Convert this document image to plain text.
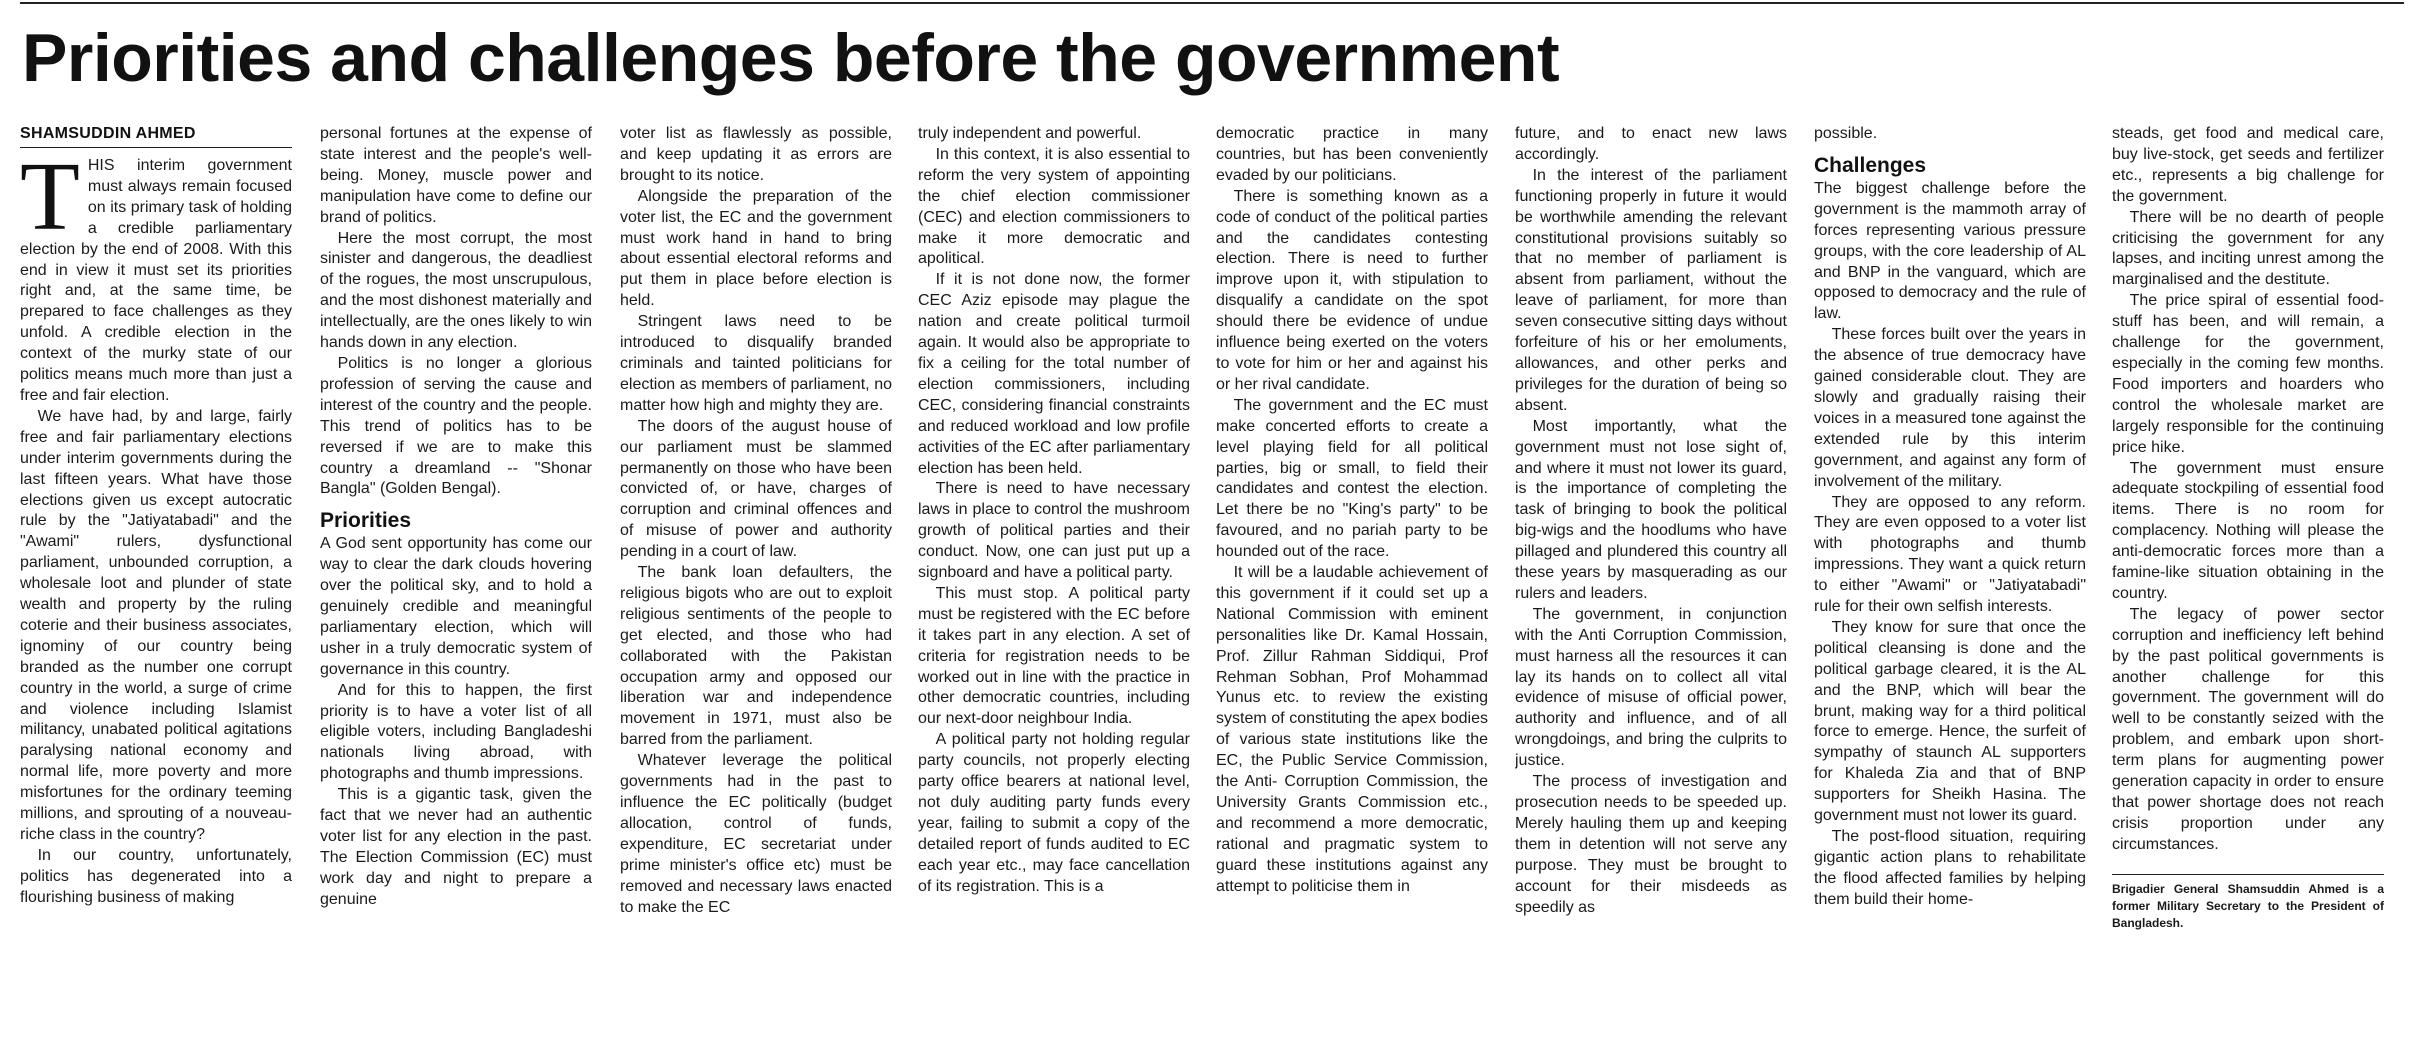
Priorities and challenges before the government
SHAMSUDDIN AHMED

THIS interim government must always remain focused on its primary task of holding a credible parliamentary election by the end of 2008. With this end in view it must set its priorities right and, at the same time, be prepared to face challenges as they unfold. A credible election in the context of the murky state of our politics means much more than just a free and fair election.

We have had, by and large, fairly free and fair parliamentary elections under interim governments during the last fifteen years. What have those elections given us except autocratic rule by the "Jatiyatabadi" and the "Awami" rulers, dysfunctional parliament, unbounded corruption, a wholesale loot and plunder of state wealth and property by the ruling coterie and their business associates, ignominy of our country being branded as the number one corrupt country in the world, a surge of crime and violence including Islamist militancy, unabated political agitations paralysing national economy and normal life, more poverty and more misfortunes for the ordinary teeming millions, and sprouting of a nouveau-riche class in the country?

In our country, unfortunately, politics has degenerated into a flourishing business of making

personal fortunes at the expense of state interest and the people's well-being. Money, muscle power and manipulation have come to define our brand of politics.

Here the most corrupt, the most sinister and dangerous, the deadliest of the rogues, the most unscrupulous, and the most dishonest materially and intellectually, are the ones likely to win hands down in any election.

Politics is no longer a glorious profession of serving the cause and interest of the country and the people. This trend of politics has to be reversed if we are to make this country a dreamland -- "Shonar Bangla" (Golden Bengal).

Priorities

A God sent opportunity has come our way to clear the dark clouds hovering over the political sky, and to hold a genuinely credible and meaningful parliamentary election, which will usher in a truly democratic system of governance in this country.

And for this to happen, the first priority is to have a voter list of all eligible voters, including Bangladeshi nationals living abroad, with photographs and thumb impressions.

This is a gigantic task, given the fact that we never had an authentic voter list for any election in the past. The Election Commission (EC) must work day and night to prepare a genuine

voter list as flawlessly as possible, and keep updating it as errors are brought to its notice.

Alongside the preparation of the voter list, the EC and the government must work hand in hand to bring about essential electoral reforms and put them in place before election is held.

Stringent laws need to be introduced to disqualify branded criminals and tainted politicians for election as members of parliament, no matter how high and mighty they are.

The doors of the august house of our parliament must be slammed permanently on those who have been convicted of, or have, charges of corruption and criminal offences and of misuse of power and authority pending in a court of law.

The bank loan defaulters, the religious bigots who are out to exploit religious sentiments of the people to get elected, and those who had collaborated with the Pakistan occupation army and opposed our liberation war and independence movement in 1971, must also be barred from the parliament.

Whatever leverage the political governments had in the past to influence the EC politically (budget allocation, control of funds, expenditure, EC secretariat under prime minister's office etc) must be removed and necessary laws enacted to make the EC

truly independent and powerful.

In this context, it is also essential to reform the very system of appointing the chief election commissioner (CEC) and election commissioners to make it more democratic and apolitical.

If it is not done now, the former CEC Aziz episode may plague the nation and create political turmoil again. It would also be appropriate to fix a ceiling for the total number of election commissioners, including CEC, considering financial constraints and reduced workload and low profile activities of the EC after parliamentary election has been held.

There is need to have necessary laws in place to control the mushroom growth of political parties and their conduct. Now, one can just put up a signboard and have a political party.

This must stop. A political party must be registered with the EC before it takes part in any election. A set of criteria for registration needs to be worked out in line with the practice in other democratic countries, including our next-door neighbour India.

A political party not holding regular party councils, not properly electing party office bearers at national level, not duly auditing party funds every year, failing to submit a copy of the detailed report of funds audited to EC each year etc., may face cancellation of its registration. This is a

democratic practice in many countries, but has been conveniently evaded by our politicians.

There is something known as a code of conduct of the political parties and the candidates contesting election. There is need to further improve upon it, with stipulation to disqualify a candidate on the spot should there be evidence of undue influence being exerted on the voters to vote for him or her and against his or her rival candidate.

The government and the EC must make concerted efforts to create a level playing field for all political parties, big or small, to field their candidates and contest the election. Let there be no "King's party" to be favoured, and no pariah party to be hounded out of the race.

It will be a laudable achievement of this government if it could set up a National Commission with eminent personalities like Dr. Kamal Hossain, Prof. Zillur Rahman Siddiqui, Prof Rehman Sobhan, Prof Mohammad Yunus etc. to review the existing system of constituting the apex bodies of various state institutions like the EC, the Public Service Commission, the Anti- Corruption Commission, the University Grants Commission etc., and recommend a more democratic, rational and pragmatic system to guard these institutions against any attempt to politicise them in

future, and to enact new laws accordingly.

In the interest of the parliament functioning properly in future it would be worthwhile amending the relevant constitutional provisions suitably so that no member of parliament is absent from parliament, without the leave of parliament, for more than seven consecutive sitting days without forfeiture of his or her emoluments, allowances, and other perks and privileges for the duration of being so absent.

Most importantly, what the government must not lose sight of, and where it must not lower its guard, is the importance of completing the task of bringing to book the political big-wigs and the hoodlums who have pillaged and plundered this country all these years by masquerading as our rulers and leaders.

The government, in conjunction with the Anti Corruption Commission, must harness all the resources it can lay its hands on to collect all vital evidence of misuse of official power, authority and influence, and of all wrongdoings, and bring the culprits to justice.

The process of investigation and prosecution needs to be speeded up. Merely hauling them up and keeping them in detention will not serve any purpose. They must be brought to account for their misdeeds as speedily as

possible.

Challenges

The biggest challenge before the government is the mammoth array of forces representing various pressure groups, with the core leadership of AL and BNP in the vanguard, which are opposed to democracy and the rule of law.

These forces built over the years in the absence of true democracy have gained considerable clout. They are slowly and gradually raising their voices in a measured tone against the extended rule by this interim government, and against any form of involvement of the military.

They are opposed to any reform. They are even opposed to a voter list with photographs and thumb impressions. They want a quick return to either "Awami" or "Jatiyatabadi" rule for their own selfish interests.

They know for sure that once the political cleansing is done and the political garbage cleared, it is the AL and the BNP, which will bear the brunt, making way for a third political force to emerge. Hence, the surfeit of sympathy of staunch AL supporters for Khaleda Zia and that of BNP supporters for Sheikh Hasina. The government must not lower its guard.

The post-flood situation, requiring gigantic action plans to rehabilitate the flood affected families by helping them build their home-

steads, get food and medical care, buy live-stock, get seeds and fertilizer etc., represents a big challenge for the government.

There will be no dearth of people criticising the government for any lapses, and inciting unrest among the marginalised and the destitute.

The price spiral of essential food-stuff has been, and will remain, a challenge for the government, especially in the coming few months. Food importers and hoarders who control the wholesale market are largely responsible for the continuing price hike.

The government must ensure adequate stockpiling of essential food items. There is no room for complacency. Nothing will please the anti-democratic forces more than a famine-like situation obtaining in the country.

The legacy of power sector corruption and inefficiency left behind by the past political governments is another challenge for this government. The government will do well to be constantly seized with the problem, and embark upon short- term plans for augmenting power generation capacity in order to ensure that power shortage does not reach crisis proportion under any circumstances.

Brigadier General Shamsuddin Ahmed is a former Military Secretary to the President of Bangladesh.
